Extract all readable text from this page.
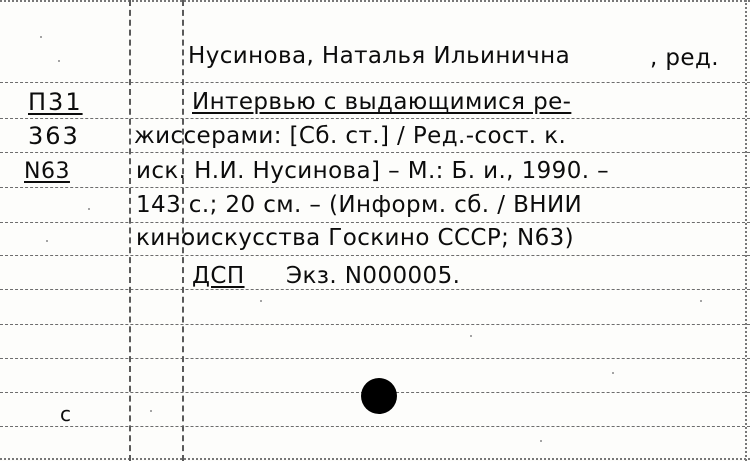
П31
363
N63
Нусинова, Наталья Ильинична	, ред.
Интервью с выдающимися ре-
жиссерами: [Сб. ст.] / Ред.-сост. к.
иск. Н.И. Нусинова] – М.: Б. и., 1990. –
143 с.; 20 см. – (Информ. сб. / ВНИИ
киноискусства Госкино СССР; N63)
ДСП Экз. N000005.
c
